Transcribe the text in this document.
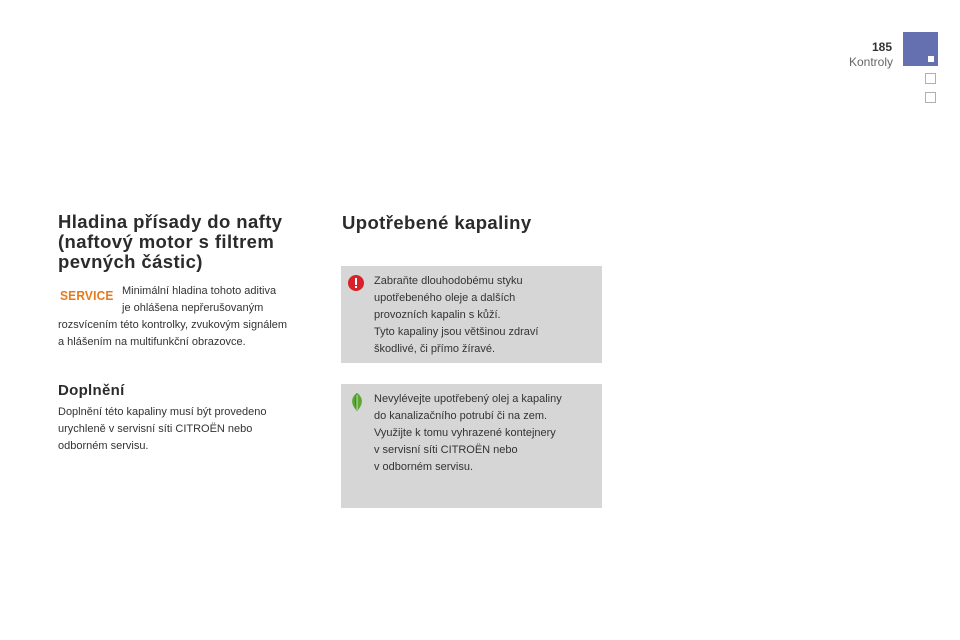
185
Kontroly
Hladina přísady do nafty
(naftový motor s filtrem
pevných částic)
SERVICE Minimální hladina tohoto aditiva
je ohlášena nepřerušovaným
rozsvícením této kontrolky, zvukovým signálem
a hlášením na multifunkční obrazovce.

Doplnění

Doplnění této kapaliny musí být provedeno
urychleně v servisní síti CITROËN nebo
odborném servisu.

Upotřebené kapaliny

Zabraňte dlouhodobému styku
upotřebeného oleje a dalších
provozních kapalin s kůží.
Tyto kapaliny jsou většinou zdraví
škodlivé, či přímo žíravé.

Nevylévejte upotřebený olej a kapaliny
do kanalizačního potrubí či na zem.
Využijte k tomu vyhrazené kontejnery
v servisní síti CITROËN nebo
v odborném servisu.
